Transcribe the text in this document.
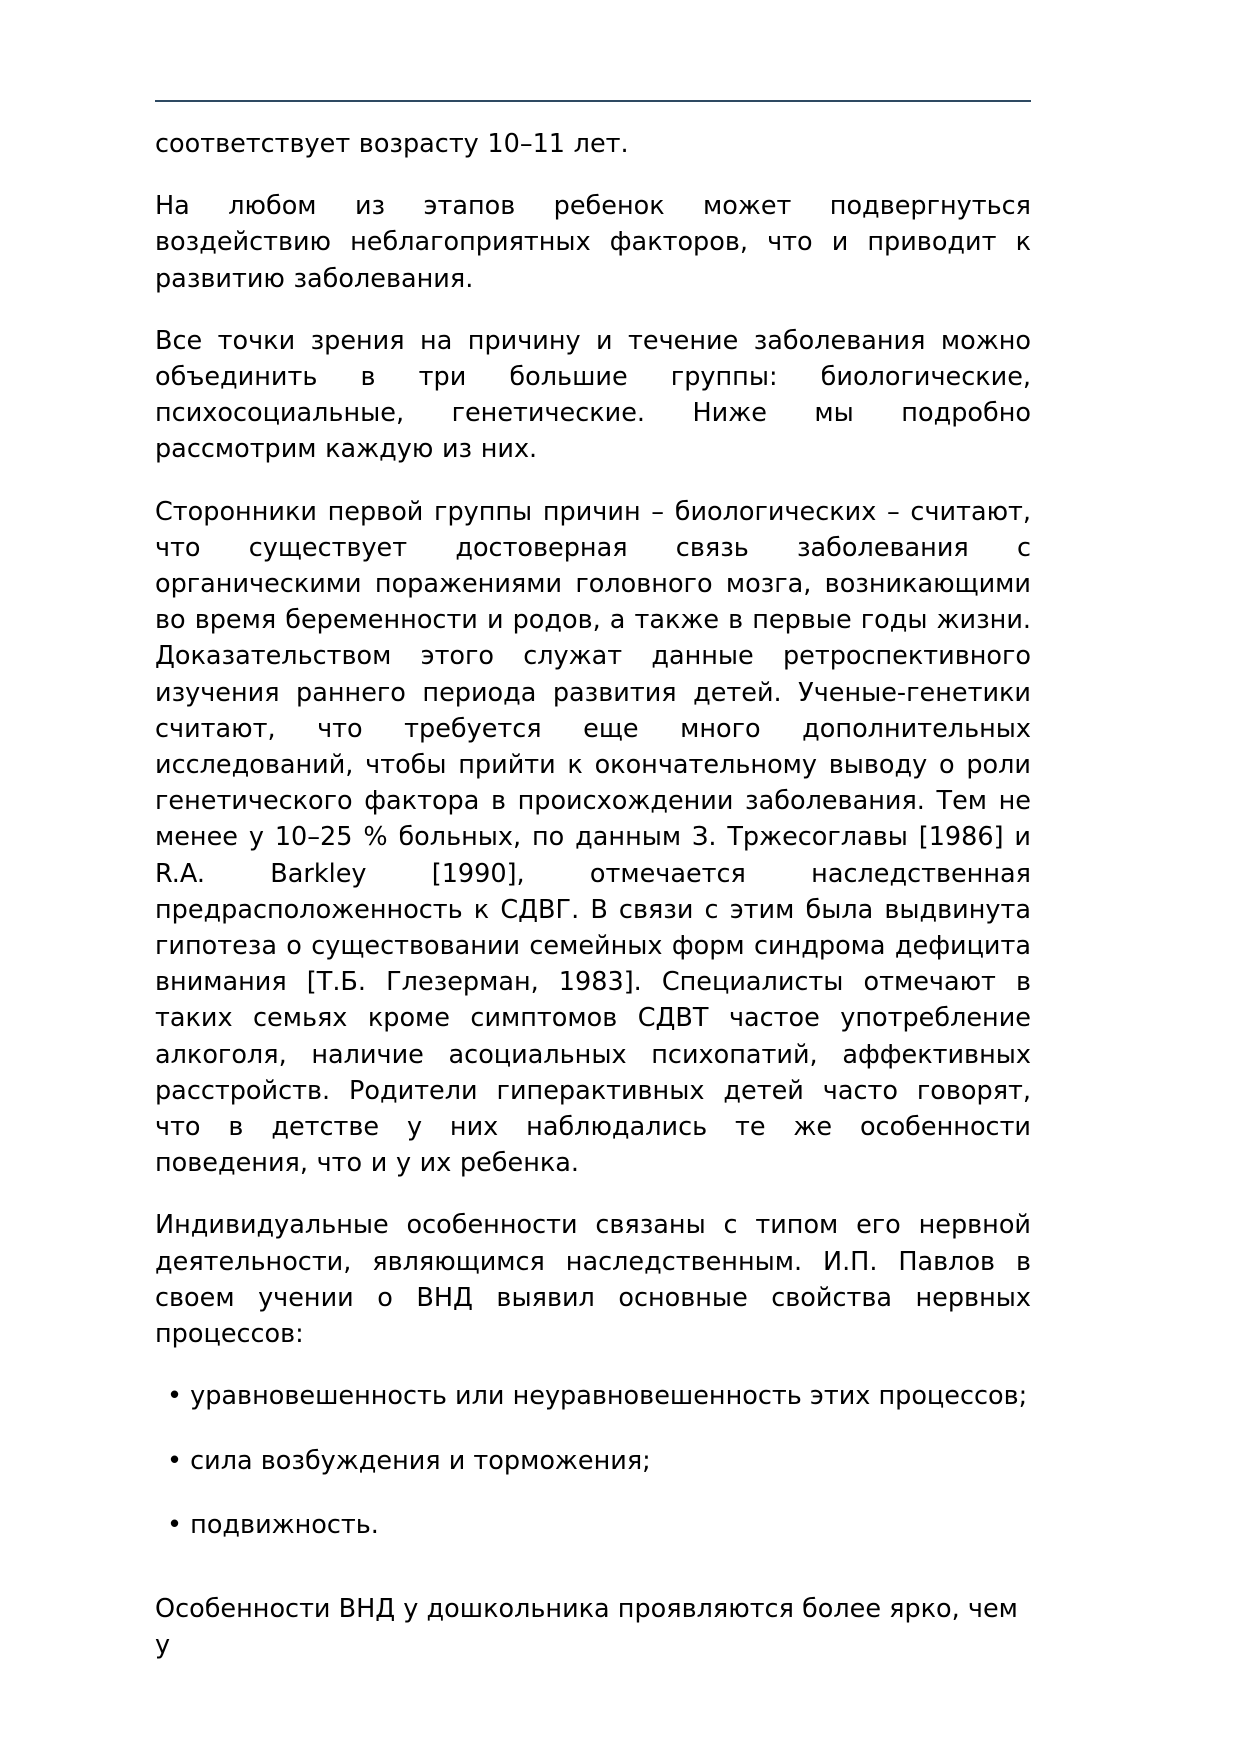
соответствует возрасту 10–11 лет.

На любом из этапов ребенок может подвергнуться воздействию неблагоприятных факторов, что и приводит к развитию заболевания.

Все точки зрения на причину и течение заболевания можно объединить в три большие группы: биологические, психосоциальные, генетические. Ниже мы подробно рассмотрим каждую из них.

Сторонники первой группы причин – биологических – считают, что существует достоверная связь заболевания с органическими поражениями головного мозга, возникающими во время беременности и родов, а также в первые годы жизни. Доказательством этого служат данные ретроспективного изучения раннего периода развития детей. Ученые-генетики считают, что требуется еще много дополнительных исследований, чтобы прийти к окончательному выводу о роли генетического фактора в происхождении заболевания. Тем не менее у 10–25 % больных, по данным З. Тржесоглавы [1986] и R.A. Barkley [1990], отмечается наследственная предрасположенность к СДВГ. В связи с этим была выдвинута гипотеза о существовании семейных форм синдрома дефицита внимания [Т.Б. Глезерман, 1983]. Специалисты отмечают в таких семьях кроме симптомов СДВТ частое употребление алкоголя, наличие асоциальных психопатий, аффективных расстройств. Родители гиперактивных детей часто говорят, что в детстве у них наблюдались те же особенности поведения, что и у их ребенка.

Индивидуальные особенности связаны с типом его нервной деятельности, являющимся наследственным. И.П. Павлов в своем учении о ВНД выявил основные свойства нервных процессов:

• уравновешенность или неуравновешенность этих процессов;

• сила возбуждения и торможения;

• подвижность.

Особенности ВНД у дошкольника проявляются более ярко, чем у
